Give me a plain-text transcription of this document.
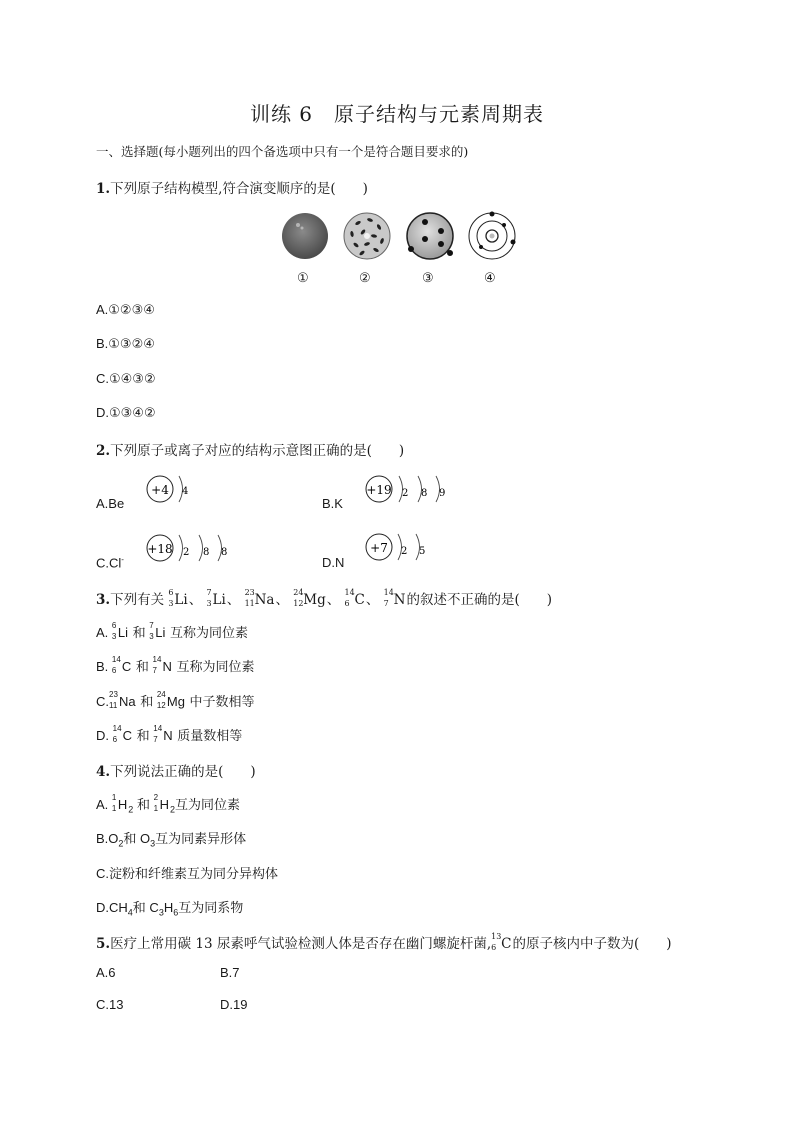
训练 6　原子结构与元素周期表
一、选择题(每小题列出的四个备选项中只有一个是符合题目要求的)
1.下列原子结构模型,符合演变顺序的是(　　)
①	②	③	④
A.①②③④
B.①③②④
C.①④③②
D.①③④②
2.下列原子或离子对应的结构示意图正确的是(　　)
A.Be
+4 4
B.K
+19 2 8 9
C.Cl-
+18 2 8 8
D.N
+7 2 5
3.下列有关 6
3 Li、 7
3 Li、 23
11 Na、 24
12 Mg、 14
6 C、 14
7 N的叙述不正确的是(　　)
A. 6
3 Li 和 7
3 Li 互称为同位素
B. 14
6 C 和 14
7 N 互称为同位素
C. 23
11 Na 和 24
12 Mg 中子数相等
D. 14
6 C 和 14
7 N 质量数相等
4.下列说法正确的是(　　)
A. 1
1 $H_2$ 和 2
1 $H_2$互为同位素
$B.O_2$和 $O_3$互为同素异形体
C.淀粉和纤维素互为同分异构体
$D.CH_4$和 $C_3H_6$互为同系物
5.医疗上常用碳 13 尿素呼气试验检测人体是否存在幽门螺旋杆菌, 13
6 C的原子核内中子数为(　　)
A.6	B.7
C.13	D.19
